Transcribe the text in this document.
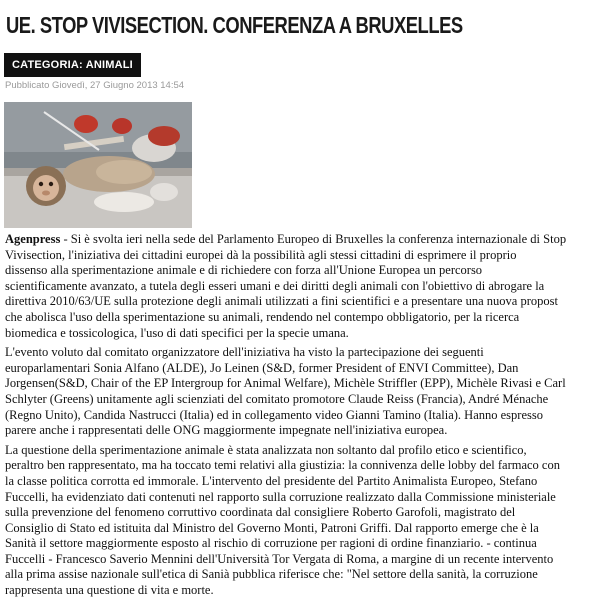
UE. STOP VIVISECTION. CONFERENZA A BRUXELLES
CATEGORIA: ANIMALI
Pubblicato Giovedì, 27 Giugno 2013 14:54

Agenpress - Si è svolta ieri nella sede del Parlamento Europeo di Bruxelles la conferenza internazionale di Stop
Vivisection, l'iniziativa dei cittadini europei dà la possibilità agli stessi cittadini di esprimere il proprio
dissenso alla sperimentazione animale e di richiedere con forza all'Unione Europea un percorso
scientificamente avanzato, a tutela degli esseri umani e dei diritti degli animali con l'obiettivo di abrogare la
direttiva 2010/63/UE sulla protezione degli animali utilizzati a fini scientifici e a presentare una nuova propost
che abolisca l'uso della sperimentazione su animali, rendendo nel contempo obbligatorio, per la ricerca
biomedica e tossicologica, l'uso di dati specifici per la specie umana.

L'evento voluto dal comitato organizzatore dell'iniziativa ha visto la partecipazione dei seguenti
europarlamentari Sonia Alfano (ALDE), Jo Leinen (S&D, former President of ENVI Committee), Dan
Jorgensen(S&D, Chair of the EP Intergroup for Animal Welfare), Michèle Striffler (EPP), Michèle Rivasi e Carl
Schlyter (Greens) unitamente agli scienziati del comitato promotore Claude Reiss (Francia), André Ménache
(Regno Unito), Candida Nastrucci (Italia) ed in collegamento video Gianni Tamino (Italia). Hanno espresso
parere anche i rappresentati delle ONG maggiormente impegnate nell'iniziativa europea.

La questione della sperimentazione animale è stata analizzata non soltanto dal profilo etico e scientifico,
peraltro ben rappresentato, ma ha toccato temi relativi alla giustizia: la connivenza delle lobby del farmaco con
la classe politica corrotta ed immorale. L'intervento del presidente del Partito Animalista Europeo, Stefano
Fuccelli, ha evidenziato dati contenuti nel rapporto sulla corruzione realizzato dalla Commissione ministeriale
sulla prevenzione del fenomeno corruttivo coordinata dal consigliere Roberto Garofoli, magistrato del
Consiglio di Stato ed istituita dal Ministro del Governo Monti, Patroni Griffi. Dal rapporto emerge che è la
Sanità il settore maggiormente esposto al rischio di corruzione per ragioni di ordine finanziario. - continua
Fuccelli - Francesco Saverio Mennini dell'Università Tor Vergata di Roma, a margine di un recente intervento
alla prima assise nazionale sull'etica di Sanià pubblica riferisce che: "Nel settore della sanità, la corruzione
rappresenta una questione di vita e morte.
